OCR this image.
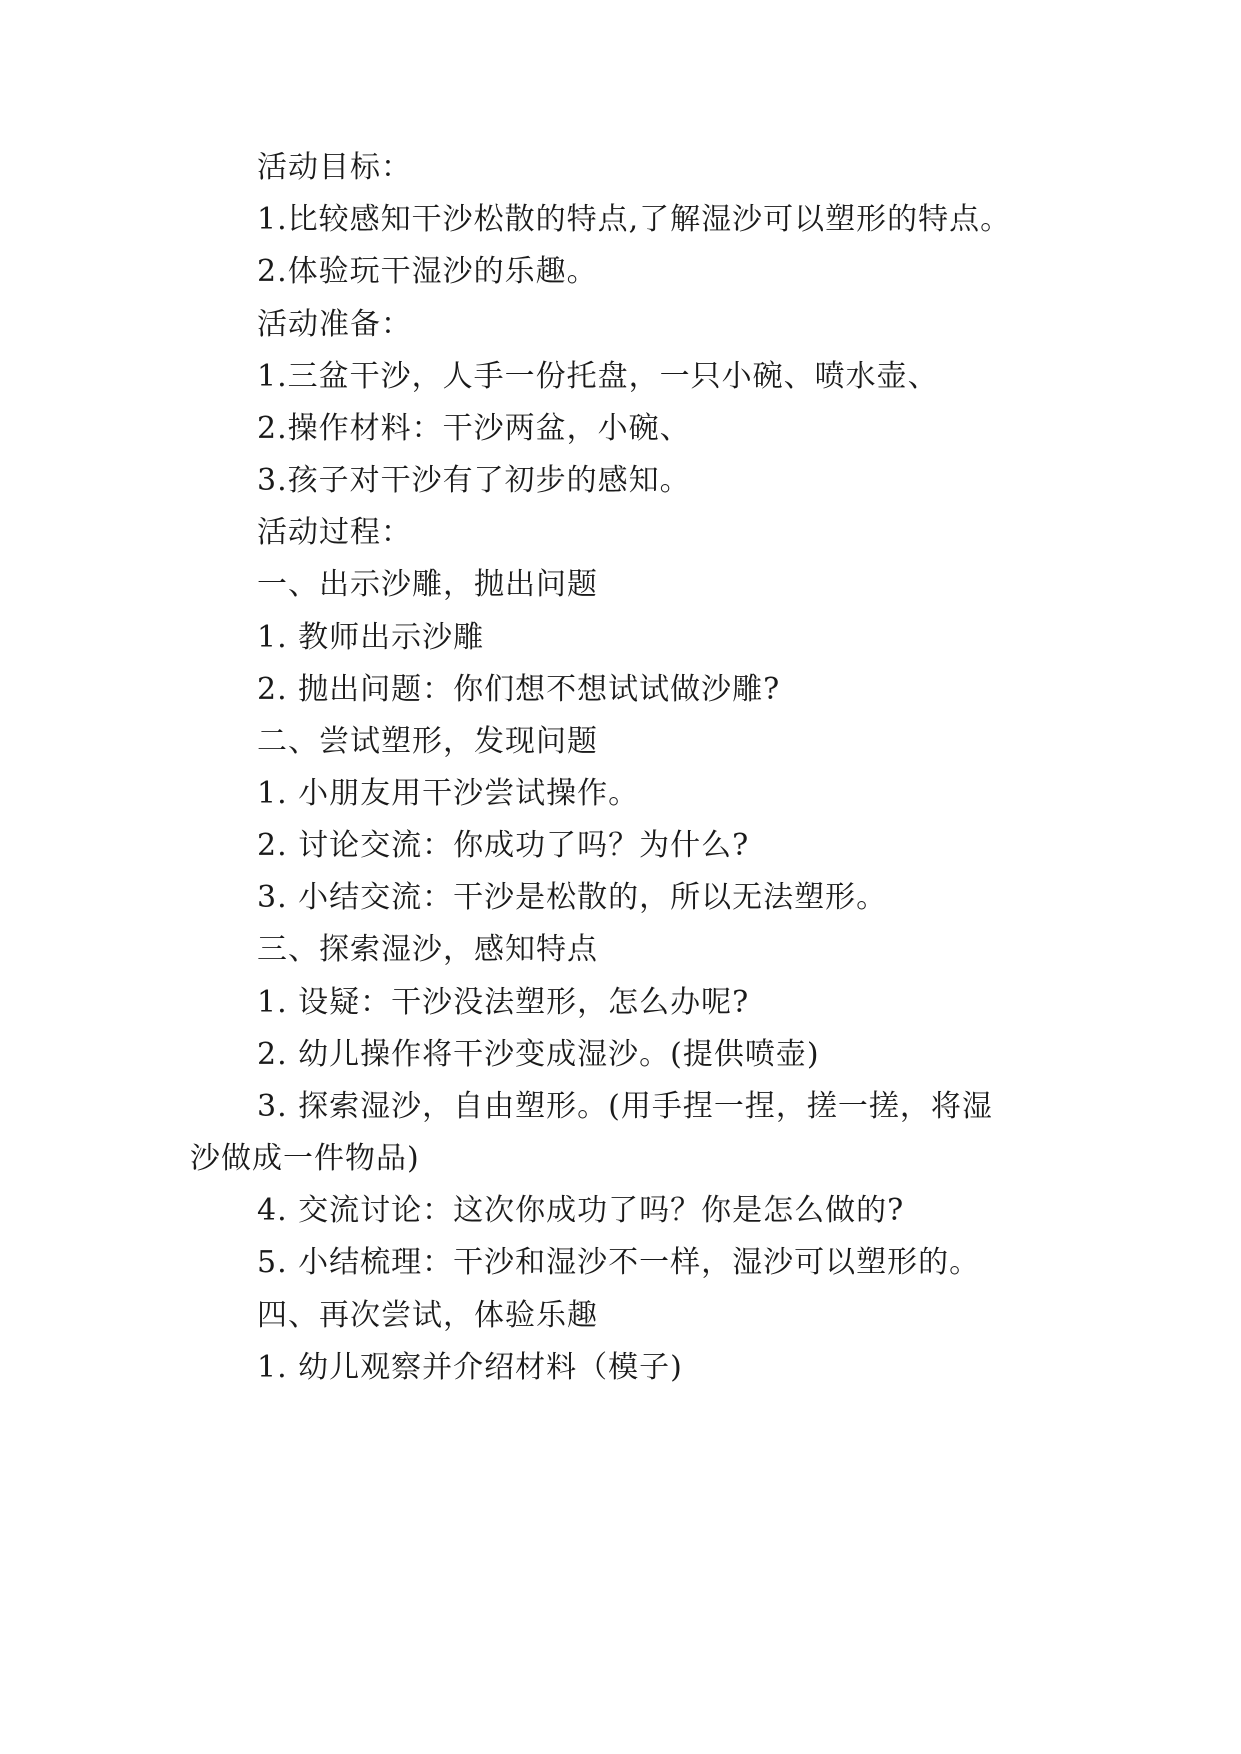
活动目标：
1.比较感知干沙松散的特点,了解湿沙可以塑形的特点。
2.体验玩干湿沙的乐趣。
活动准备：
1.三盆干沙，人手一份托盘，一只小碗、喷水壶、
2.操作材料：干沙两盆，小碗、
3.孩子对干沙有了初步的感知。
活动过程：
一、出示沙雕，抛出问题
1. 教师出示沙雕
2. 抛出问题：你们想不想试试做沙雕?
二、尝试塑形，发现问题
1. 小朋友用干沙尝试操作。
2. 讨论交流：你成功了吗？为什么?
3. 小结交流：干沙是松散的，所以无法塑形。
三、探索湿沙，感知特点
1. 设疑：干沙没法塑形，怎么办呢?
2. 幼儿操作将干沙变成湿沙。(提供喷壶)
3. 探索湿沙，自由塑形。(用手捏一捏，搓一搓，将湿
沙做成一件物品)
4. 交流讨论：这次你成功了吗？你是怎么做的?
5. 小结梳理：干沙和湿沙不一样，湿沙可以塑形的。
四、再次尝试，体验乐趣
1. 幼儿观察并介绍材料（模子)
